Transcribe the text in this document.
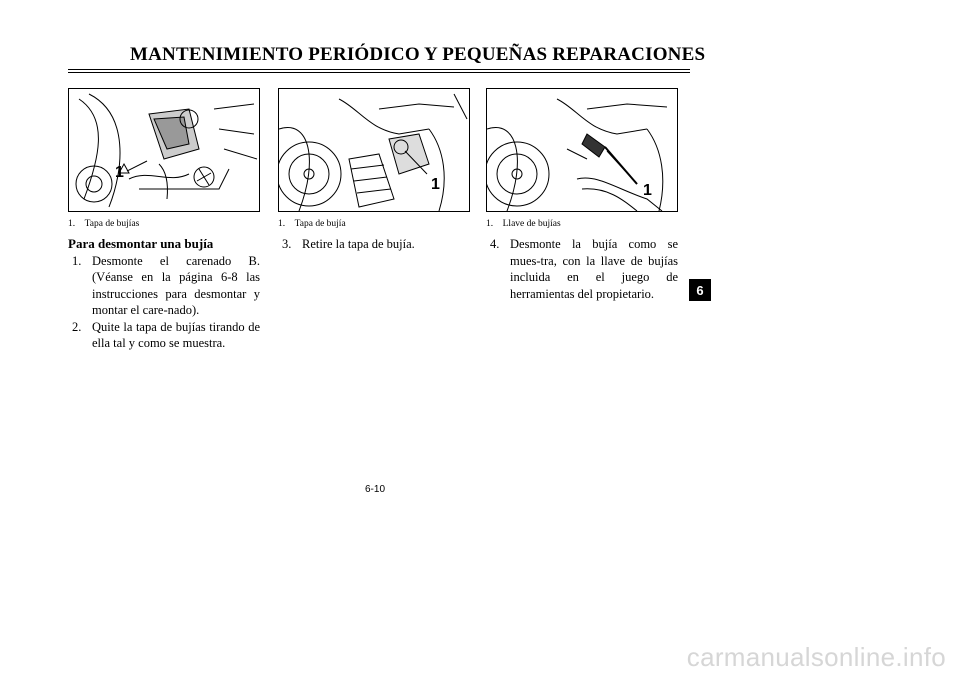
MANTENIMIENTO PERIÓDICO Y PEQUEÑAS REPARACIONES
1
1. Tapa de bujías
1
1. Tapa de bujía
1
1. Llave de bujías
Para desmontar una bujía
1. Desmonte el carenado B. (Véanse en la página 6-8 las instrucciones para desmontar y montar el care-nado).
2. Quite la tapa de bujías tirando de ella tal y como se muestra.
3. Retire la tapa de bujía.	4. Desmonte la bujía como se mues-tra, con la llave de bujías incluida en el juego de herramientas del propietario.
6-10
6
carmanualsonline.info
